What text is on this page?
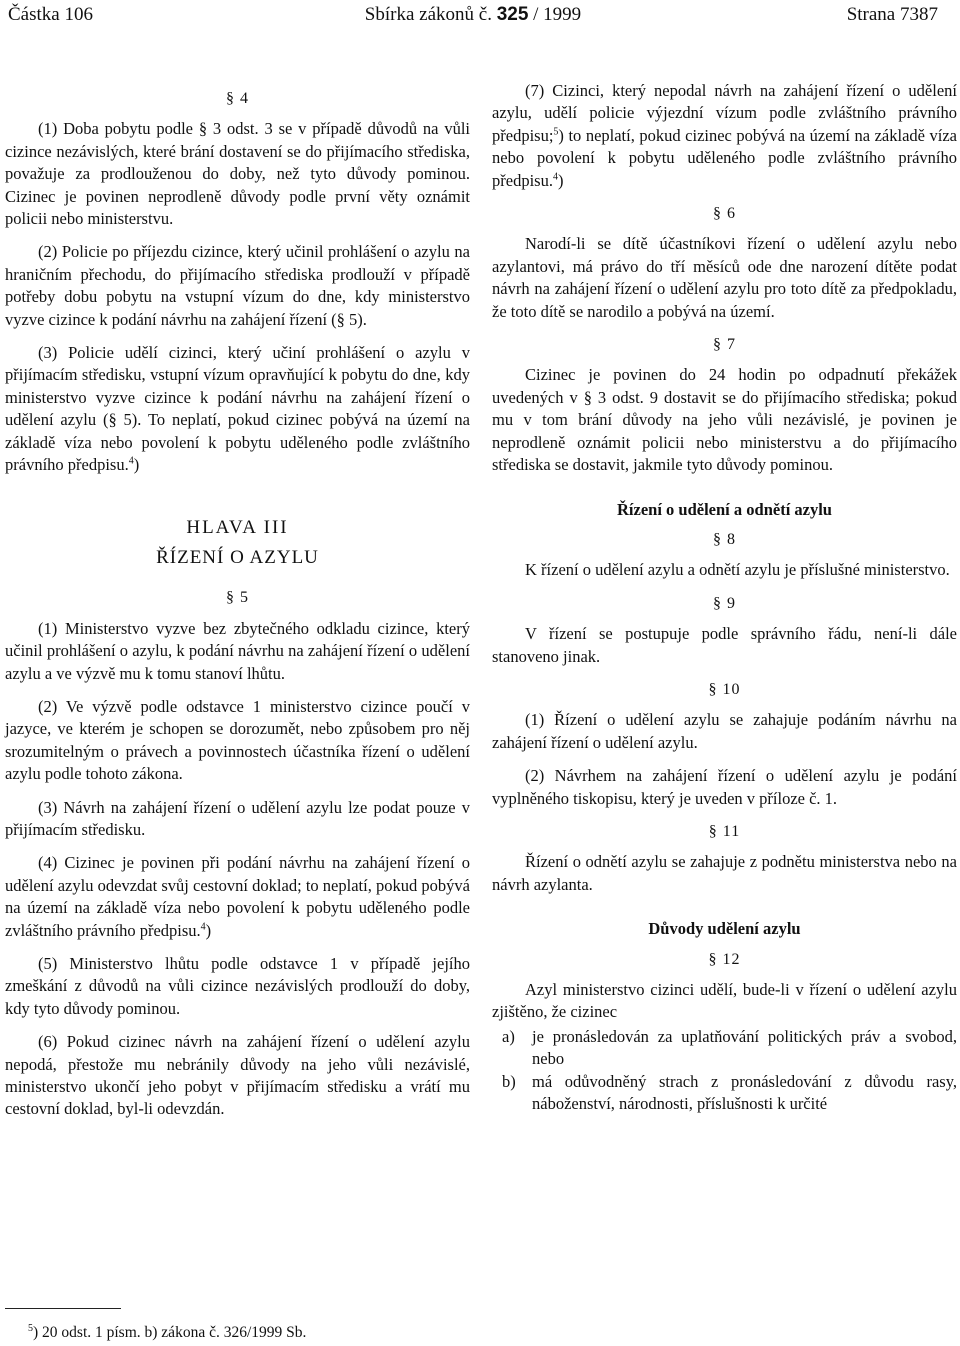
Částka 106	Sbírka zákonů č. 325 / 1999	Strana 7387
§ 4

(1) Doba pobytu podle § 3 odst. 3 se v případě důvodů na vůli cizince nezávislých, které brání dostavení se do přijímacího střediska, považuje za prodlouženou do doby, než tyto důvody pominou. Cizinec je povinen neprodleně důvody podle první věty oznámit policii nebo ministerstvu.

(2) Policie po příjezdu cizince, který učinil prohlášení o azylu na hraničním přechodu, do přijímacího střediska prodlouží v případě potřeby dobu pobytu na vstupní vízum do dne, kdy ministerstvo vyzve cizince k podání návrhu na zahájení řízení (§ 5).

(3) Policie udělí cizinci, který učiní prohlášení o azylu v přijímacím středisku, vstupní vízum opravňující k pobytu do dne, kdy ministerstvo vyzve cizince k podání návrhu na zahájení řízení o udělení azylu (§ 5). To neplatí, pokud cizinec pobývá na území na základě víza nebo povolení k pobytu uděleného podle zvláštního právního předpisu.$^4$)

HLAVA III
ŘÍZENÍ O AZYLU
§ 5

(1) Ministerstvo vyzve bez zbytečného odkladu cizince, který učinil prohlášení o azylu, k podání návrhu na zahájení řízení o udělení azylu a ve výzvě mu k tomu stanoví lhůtu.

(2) Ve výzvě podle odstavce 1 ministerstvo cizince poučí v jazyce, ve kterém je schopen se dorozumět, nebo způsobem pro něj srozumitelným o právech a povinnostech účastníka řízení o udělení azylu podle tohoto zákona.

(3) Návrh na zahájení řízení o udělení azylu lze podat pouze v přijímacím středisku.

(4) Cizinec je povinen při podání návrhu na zahájení řízení o udělení azylu odevzdat svůj cestovní doklad; to neplatí, pokud pobývá na území na základě víza nebo povolení k pobytu uděleného podle zvláštního právního předpisu.$^4$)

(5) Ministerstvo lhůtu podle odstavce 1 v případě jejího zmeškání z důvodů na vůli cizince nezávislých prodlouží do doby, kdy tyto důvody pominou.

(6) Pokud cizinec návrh na zahájení řízení o udělení azylu nepodá, přestože mu nebránily důvody na jeho vůli nezávislé, ministerstvo ukončí jeho pobyt v přijímacím středisku a vrátí mu cestovní doklad, byl-li odevzdán.

(7) Cizinci, který nepodal návrh na zahájení řízení o udělení azylu, udělí policie výjezdní vízum podle zvláštního právního předpisu;$^5$) to neplatí, pokud cizinec pobývá na území na základě víza nebo povolení k pobytu uděleného podle zvláštního právního předpisu.$^4$)

§ 6

Narodí-li se dítě účastníkovi řízení o udělení azylu nebo azylantovi, má právo do tří měsíců ode dne narození dítěte podat návrh na zahájení řízení o udělení azylu pro toto dítě za předpokladu, že toto dítě se narodilo a pobývá na území.

§ 7

Cizinec je povinen do 24 hodin po odpadnutí překážek uvedených v § 3 odst. 9 dostavit se do přijímacího střediska; pokud mu v tom brání důvody na jeho vůli nezávislé, je povinen je neprodleně oznámit policii nebo ministerstvu a do přijímacího střediska se dostavit, jakmile tyto důvody pominou.

Řízení o udělení a odnětí azylu
§ 8

K řízení o udělení azylu a odnětí azylu je příslušné ministerstvo.

§ 9

V řízení se postupuje podle správního řádu, není-li dále stanoveno jinak.

§ 10

(1) Řízení o udělení azylu se zahajuje podáním návrhu na zahájení řízení o udělení azylu.

(2) Návrhem na zahájení řízení o udělení azylu je podání vyplněného tiskopisu, který je uveden v příloze č. 1.

§ 11

Řízení o odnětí azylu se zahajuje z podnětu ministerstva nebo na návrh azylanta.

Důvody udělení azylu
§ 12

Azyl ministerstvo cizinci udělí, bude-li v řízení o udělení azylu zjištěno, že cizinec

a) je pronásledován za uplatňování politických práv a svobod, nebo
b) má odůvodněný strach z pronásledování z důvodu rasy, náboženství, národnosti, příslušnosti k určité
$^5$) 20 odst. 1 písm. b) zákona č. 326/1999 Sb.
